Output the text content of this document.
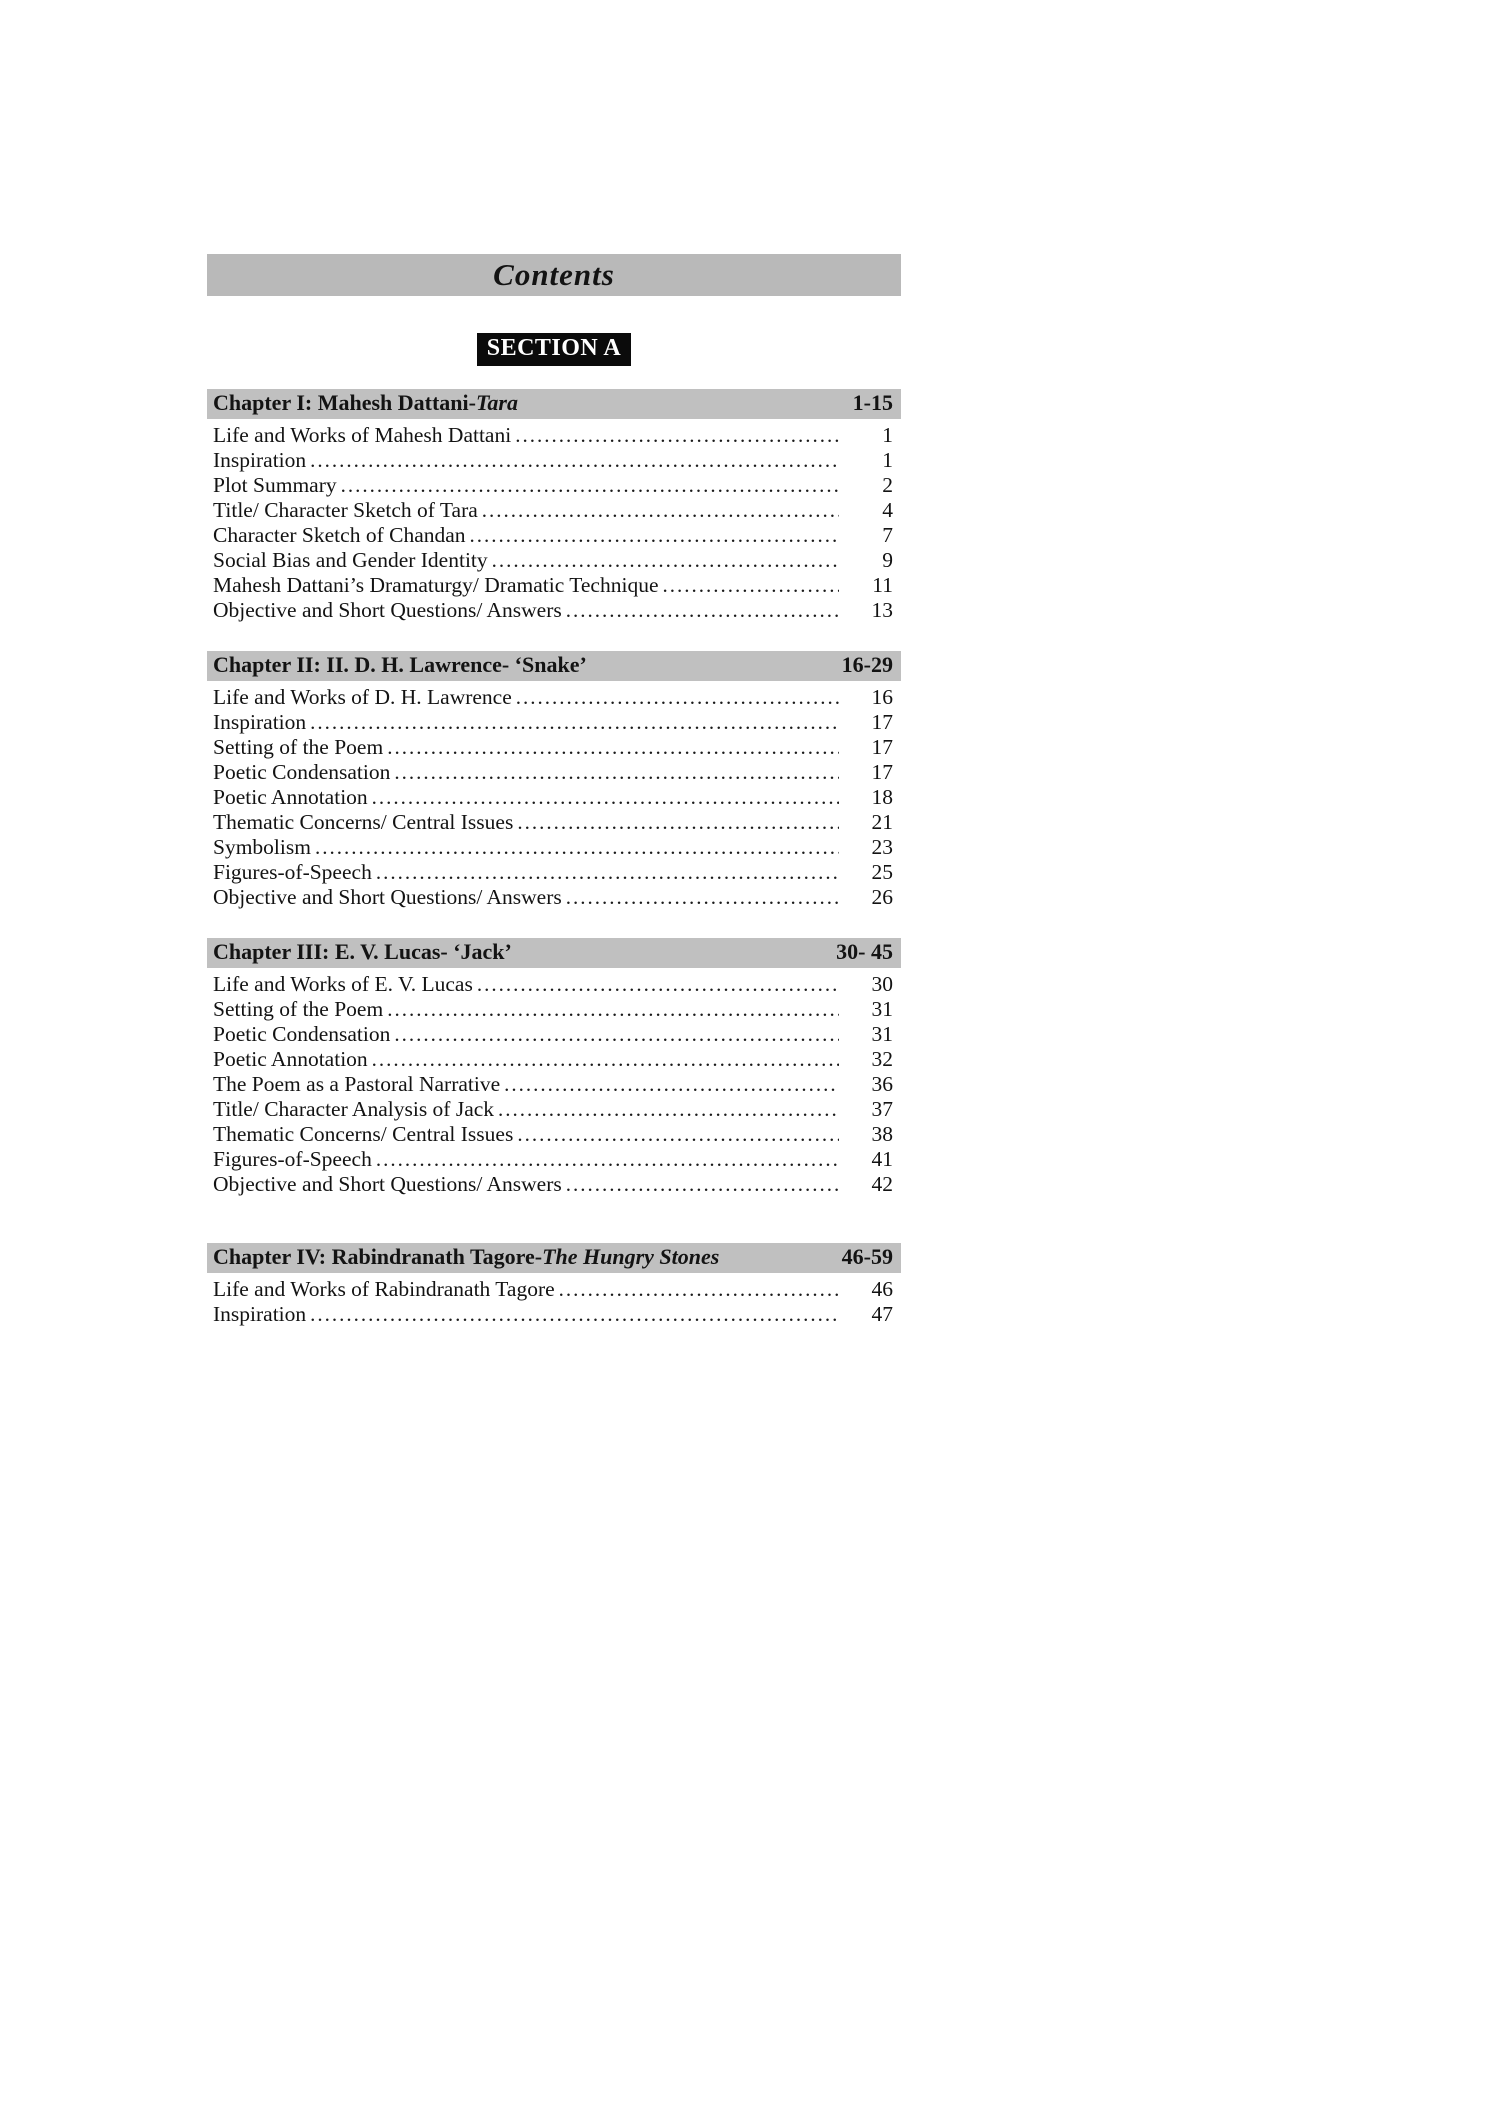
Contents
SECTION A
Chapter I: Mahesh Dattani-Tara	1-15
Life and Works of Mahesh Dattani .....	1
Inspiration .....	1
Plot Summary .....	2
Title/ Character Sketch of Tara .....	4
Character Sketch of Chandan .....	7
Social Bias and Gender Identity .....	9
Mahesh Dattani’s Dramaturgy/ Dramatic Technique .....	11
Objective and Short Questions/ Answers .....	13
Chapter II: II. D. H. Lawrence- ‘Snake’	16-29
Life and Works of D. H. Lawrence .....	16
Inspiration .....	17
Setting of the Poem .....	17
Poetic Condensation .....	17
Poetic Annotation .....	18
Thematic Concerns/ Central Issues .....	21
Symbolism .....	23
Figures-of-Speech .....	25
Objective and Short Questions/ Answers .....	26
Chapter III: E. V. Lucas- ‘Jack’	30- 45
Life and Works of E. V. Lucas .....	30
Setting of the Poem .....	31
Poetic Condensation .....	31
Poetic Annotation .....	32
The Poem as a Pastoral Narrative .....	36
Title/ Character Analysis of Jack .....	37
Thematic Concerns/ Central Issues .....	38
Figures-of-Speech .....	41
Objective and Short Questions/ Answers .....	42
Chapter IV: Rabindranath Tagore-The Hungry Stones	46-59
Life and Works of Rabindranath Tagore .....	46
Inspiration .....	47
